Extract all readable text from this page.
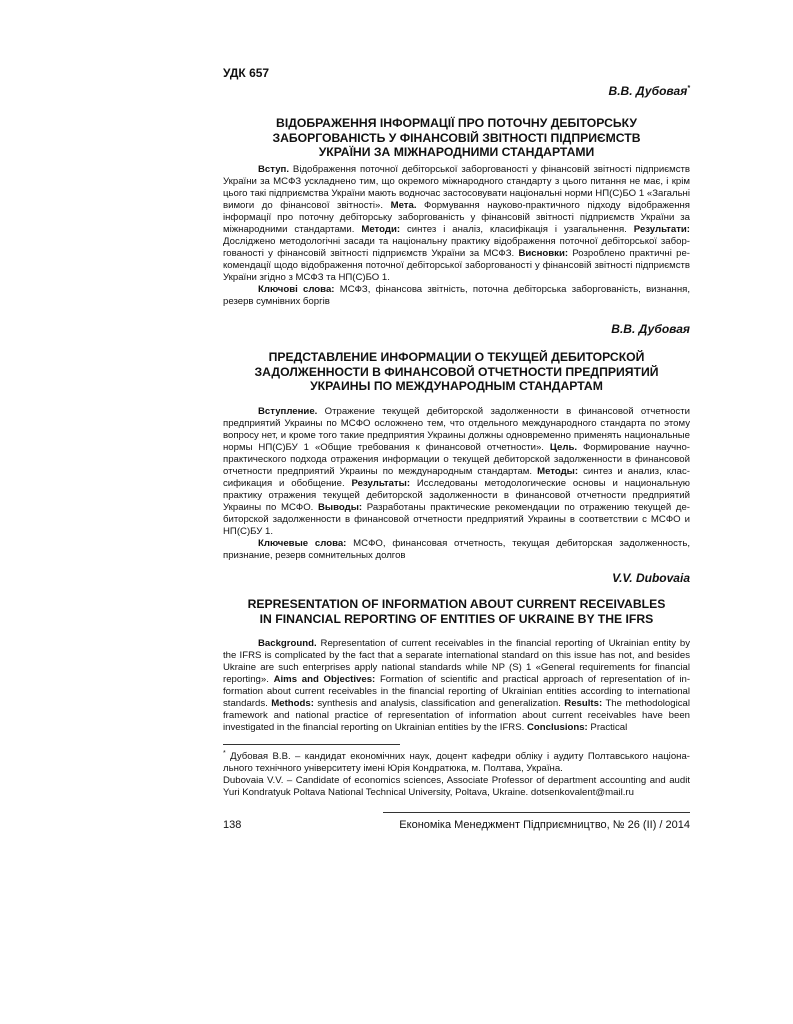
УДК 657
В.В. Дубовая*
ВІДОБРАЖЕННЯ ІНФОРМАЦІЇ ПРО ПОТОЧНУ ДЕБІТОРСЬКУ
ЗАБОРГОВАНІСТЬ У ФІНАНСОВІЙ ЗВІТНОСТІ ПІДПРИЄМСТВ
УКРАЇНИ ЗА МІЖНАРОДНИМИ СТАНДАРТАМИ

Вступ. Відображення поточної дебіторської заборгованості у фінансовій звітності підприємств України за МСФЗ ускладнено тим, що окремого міжнародного стандарту з цього питання не має, і крім цього такі підприємства України мають водночас застосовувати національні норми НП(С)БО 1 «Загальні вимоги до фінансової звітності». Мета. Формування науково-практичного підходу відображення інформації про поточну дебіторську заборгованість у фінансовій звітності підприємств України за міжнародними стандартами. Методи: синтез і аналіз, класифікація і узагальнення. Результати: Досліджено методологічні засади та національну практику відображення поточної дебіторської заборгованості у фінансовій звітності підприємств України за МСФЗ. Висновки: Розроблено практичні рекомендації щодо відображення поточної дебіторської заборгованості у фінансовій звітності підприємств України згідно з МСФЗ та НП(С)БО 1.

Ключові слова: МСФЗ, фінансова звітність, поточна дебіторська заборгованість, визнання, резерв сумнівних боргів

В.В. Дубовая
ПРЕДСТАВЛЕНИЕ ИНФОРМАЦИИ О ТЕКУЩЕЙ ДЕБИТОРСКОЙ
ЗАДОЛЖЕННОСТИ В ФИНАНСОВОЙ ОТЧЕТНОСТИ ПРЕДПРИЯТИЙ
УКРАИНЫ ПО МЕЖДУНАРОДНЫМ СТАНДАРТАМ

Вступление. Отражение текущей дебиторской задолженности в финансовой отчетности предприятий Украины по МСФО осложнено тем, что отдельного международного стандарта по этому вопросу нет, и кроме того такие предприятия Украины должны одновременно применять национальные нормы НП(С)БУ 1 «Общие требования к финансовой отчетности». Цель. Формирование научно-практического подхода отражения информации о текущей дебиторской задолженности в финансовой отчетности предприятий Украины по международным стандартам. Методы: синтез и анализ, классификация и обобщение. Результаты: Исследованы методологические основы и национальную практику отражения текущей дебиторской задолженности в финансовой отчетности предприятий Украины по МСФО. Выводы: Разработаны практические рекомендации по отражению текущей дебиторской задолженности в финансовой отчетности предприятий Украины в соответствии с МСФО и НП(С)БУ 1.

Ключевые слова: МСФО, финансовая отчетность, текущая дебиторская задолженность, признание, резерв сомнительных долгов

V.V. Dubovaia
REPRESENTATION OF INFORMATION ABOUT CURRENT RECEIVABLES
IN FINANCIAL REPORTING OF ENTITIES OF UKRAINE BY THE IFRS

Background. Representation of current receivables in the financial reporting of Ukrainian entity by the IFRS is complicated by the fact that a separate international standard on this issue has not, and besides Ukraine are such enterprises apply national standards while NP (S) 1 «General requirements for financial reporting». Aims and Objectives: Formation of scientific and practical approach of representation of information about current receivables in the financial reporting of Ukrainian entities according to international standards. Methods: synthesis and analysis, classification and generalization. Results: The methodological framework and national practice of representation of information about current receivables have been investigated in the financial reporting on Ukrainian entities by the IFRS. Conclusions: Practical

* Дубовая В.В. – кандидат економічних наук, доцент кафедри обліку і аудиту Полтавського національного технічного університету імені Юрія Кондратюка, м. Полтава, Україна.

Dubovaia V.V. – Candidate of economics sciences, Associate Professor of department accounting and audit Yuri Kondratyuk Poltava National Technical University, Poltava, Ukraine. dotsenkovalent@mail.ru

138	Економіка Менеджмент Підприємництво, № 26 (II) / 2014
